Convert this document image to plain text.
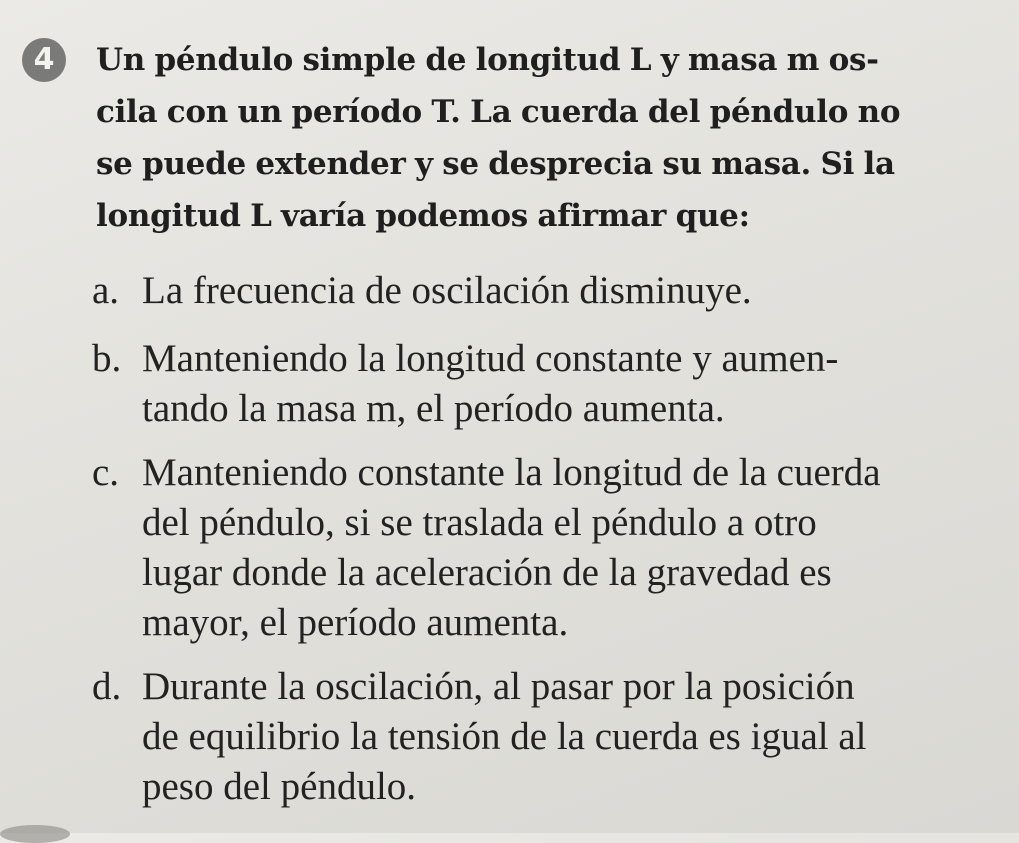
4	Un péndulo simple de longitud L y masa m os-
cila con un período T. La cuerda del péndulo no
se puede extender y se desprecia su masa. Si la
longitud L varía podemos afirmar que:
a. La frecuencia de oscilación disminuye.
b. Manteniendo la longitud constante y aumen-
tando la masa m, el período aumenta.
c. Manteniendo constante la longitud de la cuerda
del péndulo, si se traslada el péndulo a otro
lugar donde la aceleración de la gravedad es
mayor, el período aumenta.
d. Durante la oscilación, al pasar por la posición
de equilibrio la tensión de la cuerda es igual al
peso del péndulo.
